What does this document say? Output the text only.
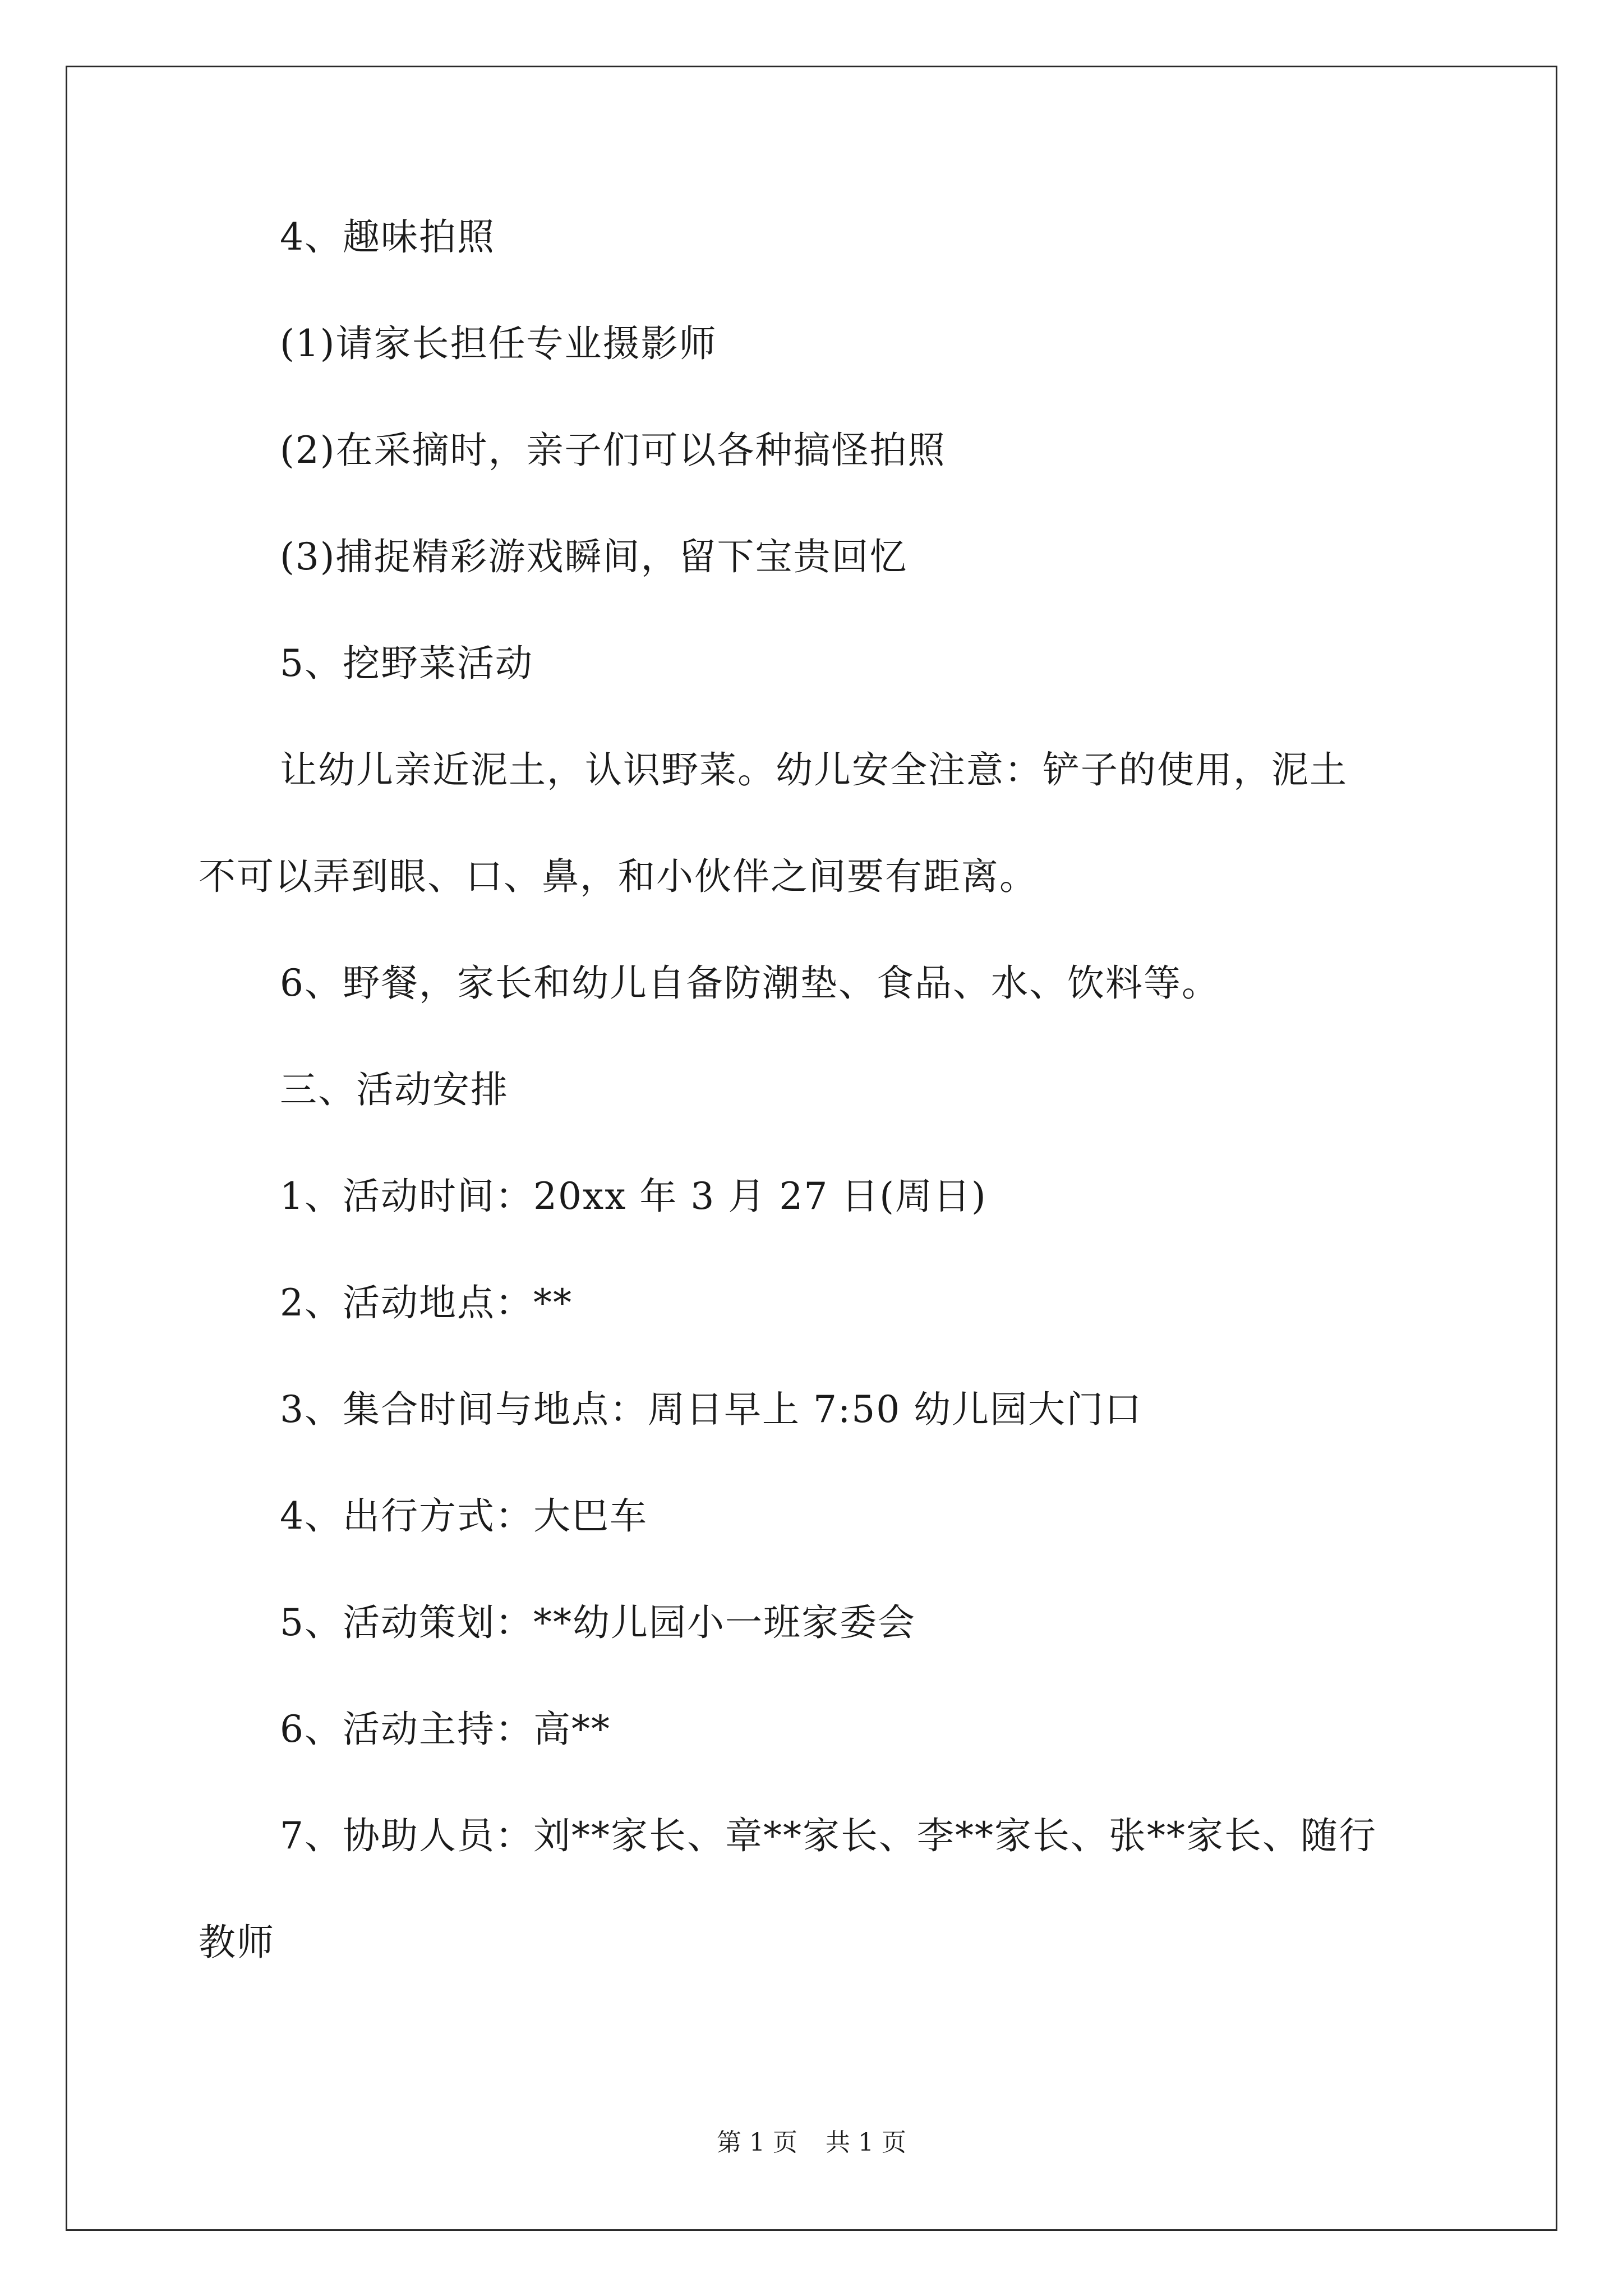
4、趣味拍照
(1)请家长担任专业摄影师
(2)在采摘时，亲子们可以各种搞怪拍照
(3)捕捉精彩游戏瞬间，留下宝贵回忆
5、挖野菜活动
让幼儿亲近泥土，认识野菜。幼儿安全注意：铲子的使用，泥土
不可以弄到眼、口、鼻，和小伙伴之间要有距离。
6、野餐，家长和幼儿自备防潮垫、食品、水、饮料等。
三、活动安排
1、活动时间：20xx 年 3 月 27 日(周日)
2、活动地点：**
3、集合时间与地点：周日早上 7:50 幼儿园大门口
4、出行方式：大巴车
5、活动策划：**幼儿园小一班家委会
6、活动主持：高**
7、协助人员：刘**家长、章**家长、李**家长、张**家长、随行
教师
第 1 页 共 1 页
